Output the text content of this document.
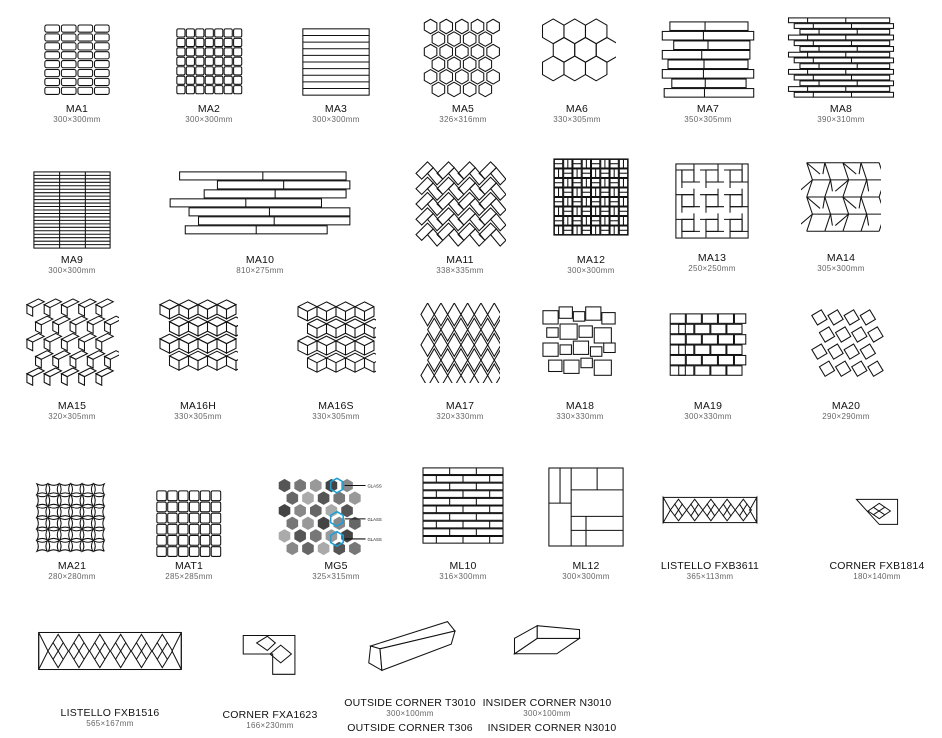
MA1
300×300mm
MA2
300×300mm
MA3
300×300mm
MA5
326×316mm
MA6
330×305mm
MA7
350×305mm
MA8
390×310mm
MA9
300×300mm
MA10
810×275mm
MA11
338×335mm
MA12
300×300mm
MA13
250×250mm
MA14
305×300mm
MA15
320×305mm
MA16H
330×305mm
MA16S
330×305mm
MA17
320×330mm
MA18
330×330mm
MA19
300×330mm
MA20
290×290mm
MA21
280×280mm
MAT1
285×285mm
GLASS
GLASS
GLASS
MG5
325×315mm
ML10
316×300mm
ML12
300×300mm
LISTELLO FXB3611
365×113mm
CORNER FXB1814
180×140mm
LISTELLO FXB1516
565×167mm
CORNER FXA1623
166×230mm
OUTSIDE CORNER T3010
300×100mm
INSIDER CORNER N3010
300×100mm
OUTSIDE CORNER T306	INSIDER CORNER N3010
